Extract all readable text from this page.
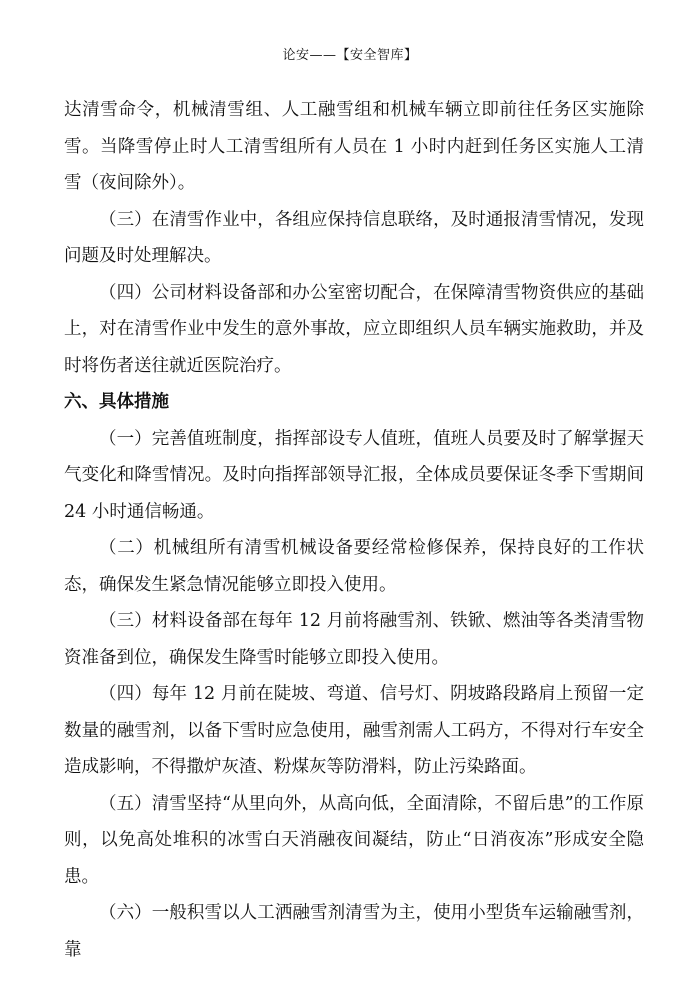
论安——【安全智库】

达清雪命令，机械清雪组、人工融雪组和机械车辆立即前往任务区实施除雪。当降雪停止时人工清雪组所有人员在 1 小时内赶到任务区实施人工清雪（夜间除外）。

（三）在清雪作业中，各组应保持信息联络，及时通报清雪情况，发现问题及时处理解决。

（四）公司材料设备部和办公室密切配合，在保障清雪物资供应的基础上，对在清雪作业中发生的意外事故，应立即组织人员车辆实施救助，并及时将伤者送往就近医院治疗。

六、具体措施

（一）完善值班制度，指挥部设专人值班，值班人员要及时了解掌握天气变化和降雪情况。及时向指挥部领导汇报，全体成员要保证冬季下雪期间 24 小时通信畅通。

（二）机械组所有清雪机械设备要经常检修保养，保持良好的工作状态，确保发生紧急情况能够立即投入使用。

（三）材料设备部在每年 12 月前将融雪剂、铁锨、燃油等各类清雪物资准备到位，确保发生降雪时能够立即投入使用。

（四）每年 12 月前在陡坡、弯道、信号灯、阴坡路段路肩上预留一定数量的融雪剂，以备下雪时应急使用，融雪剂需人工码方，不得对行车安全造成影响，不得撒炉灰渣、粉煤灰等防滑料，防止污染路面。

（五）清雪坚持“从里向外，从高向低，全面清除，不留后患”的工作原则，以免高处堆积的冰雪白天消融夜间凝结，防止“日消夜冻”形成安全隐患。

（六）一般积雪以人工洒融雪剂清雪为主，使用小型货车运输融雪剂，靠
